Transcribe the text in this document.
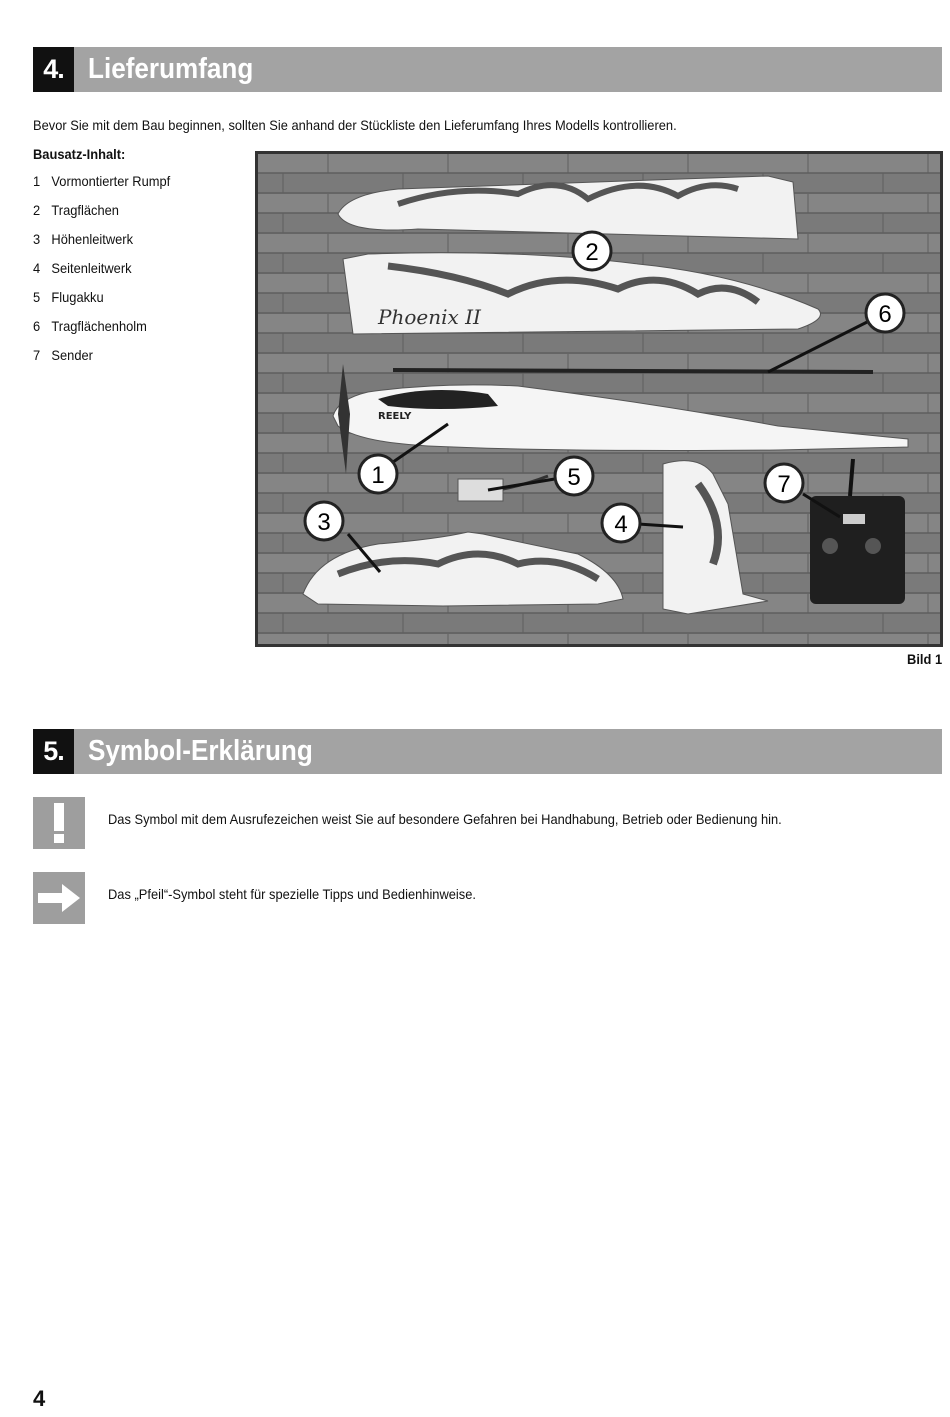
4. Lieferumfang
Bevor Sie mit dem Bau beginnen, sollten Sie anhand der Stückliste den Lieferumfang Ihres Modells kontrollieren.
Bausatz-Inhalt:
1 Vormontierter Rumpf
2 Tragflächen
3 Höhenleitwerk
4 Seitenleitwerk
5 Flugakku
6 Tragflächenholm
7 Sender
Phoenix II
REELY
1
2
3	4
5
6
7
Bild 1
5. Symbol-Erklärung
Das Symbol mit dem Ausrufezeichen weist Sie auf besondere Gefahren bei Handhabung, Betrieb oder Bedienung hin.
Das „Pfeil“-Symbol steht für spezielle Tipps und Bedienhinweise.
4
